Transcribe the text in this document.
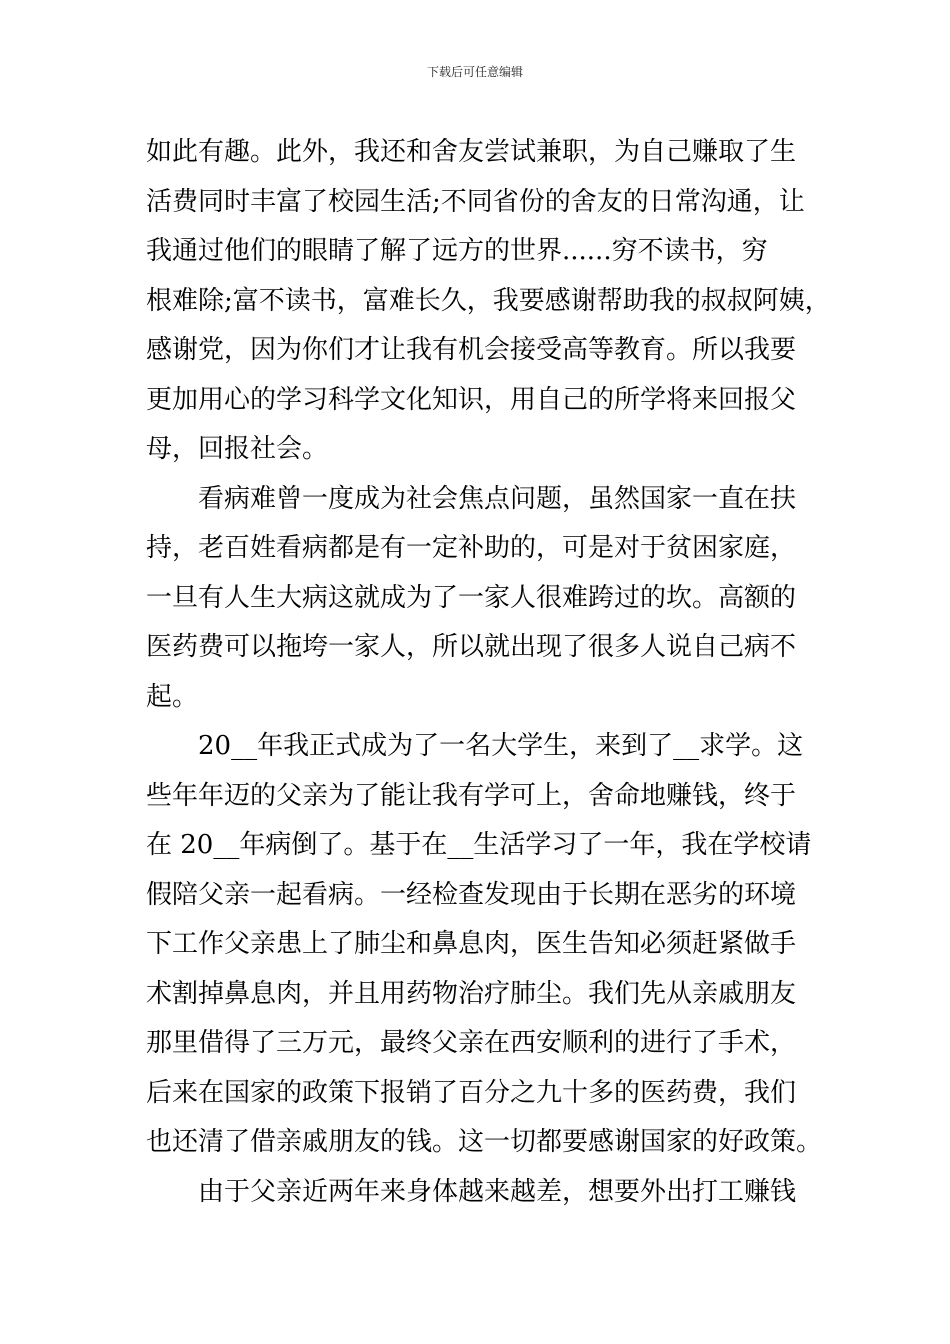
下载后可任意编辑

如此有趣。此外，我还和舍友尝试兼职，为自己赚取了生
活费同时丰富了校园生活;不同省份的舍友的日常沟通，让
我通过他们的眼睛了解了远方的世界......穷不读书，穷
根难除;富不读书，富难长久，我要感谢帮助我的叔叔阿姨，
感谢党，因为你们才让我有机会接受高等教育。所以我要
更加用心的学习科学文化知识，用自己的所学将来回报父
母，回报社会。

看病难曾一度成为社会焦点问题，虽然国家一直在扶
持，老百姓看病都是有一定补助的，可是对于贫困家庭，
一旦有人生大病这就成为了一家人很难跨过的坎。高额的
医药费可以拖垮一家人，所以就出现了很多人说自己病不
起。

20__年我正式成为了一名大学生，来到了__求学。这
些年年迈的父亲为了能让我有学可上，舍命地赚钱，终于
在 20__年病倒了。基于在__生活学习了一年，我在学校请
假陪父亲一起看病。一经检查发现由于长期在恶劣的环境
下工作父亲患上了肺尘和鼻息肉，医生告知必须赶紧做手
术割掉鼻息肉，并且用药物治疗肺尘。我们先从亲戚朋友
那里借得了三万元，最终父亲在西安顺利的进行了手术，
后来在国家的政策下报销了百分之九十多的医药费，我们
也还清了借亲戚朋友的钱。这一切都要感谢国家的好政策。

由于父亲近两年来身体越来越差，想要外出打工赚钱
